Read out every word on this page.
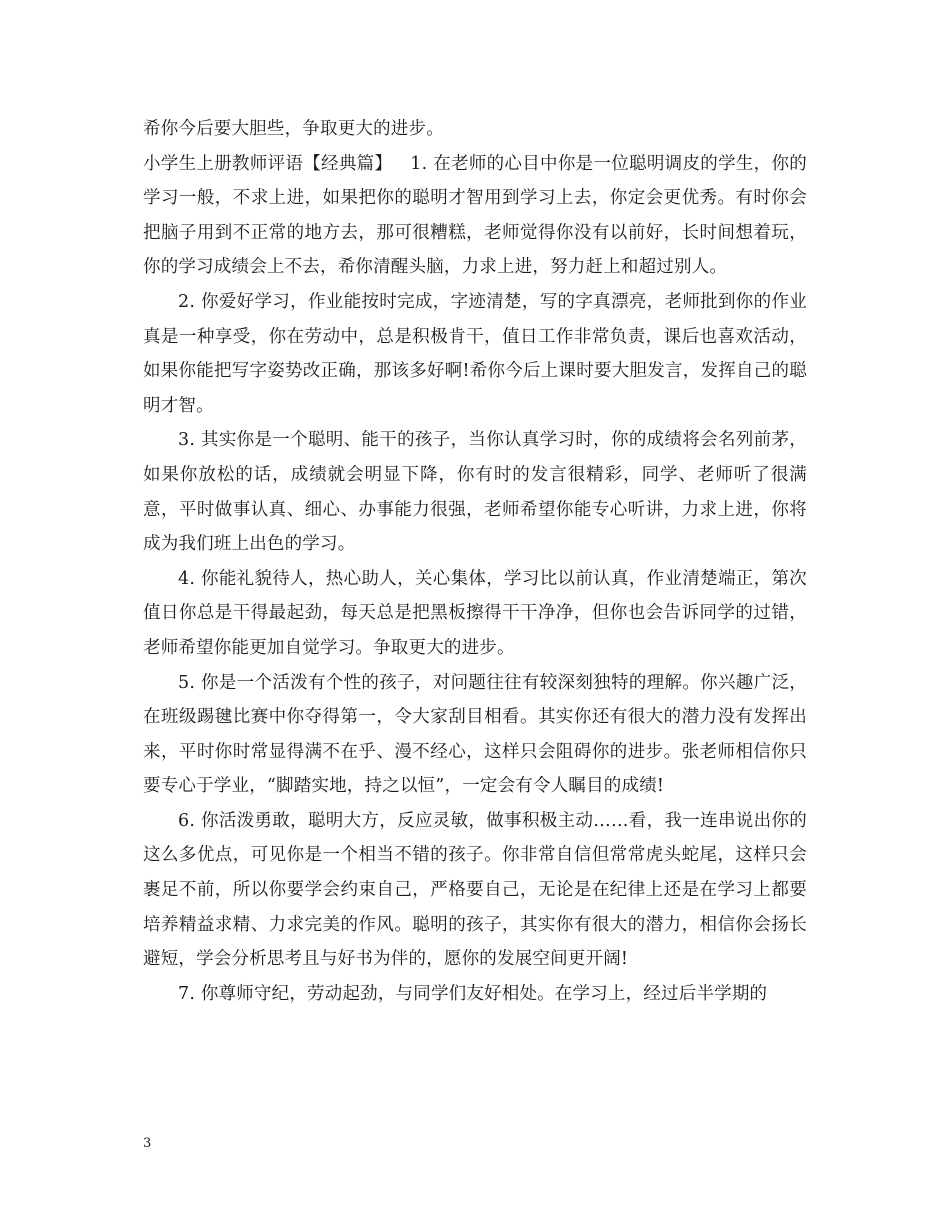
希你今后要大胆些，争取更大的进步。

小学生上册教师评语【经典篇】 1. 在老师的心目中你是一位聪明调皮的学生，你的学习一般，不求上进，如果把你的聪明才智用到学习上去，你定会更优秀。有时你会把脑子用到不正常的地方去，那可很糟糕，老师觉得你没有以前好，长时间想着玩，你的学习成绩会上不去，希你清醒头脑，力求上进，努力赶上和超过别人。

2. 你爱好学习，作业能按时完成，字迹清楚，写的字真漂亮，老师批到你的作业真是一种享受，你在劳动中，总是积极肯干，值日工作非常负责，课后也喜欢活动，如果你能把写字姿势改正确，那该多好啊!希你今后上课时要大胆发言，发挥自己的聪明才智。

3. 其实你是一个聪明、能干的孩子，当你认真学习时，你的成绩将会名列前茅，如果你放松的话，成绩就会明显下降，你有时的发言很精彩，同学、老师听了很满意，平时做事认真、细心、办事能力很强，老师希望你能专心听讲，力求上进，你将成为我们班上出色的学习。

4. 你能礼貌待人，热心助人，关心集体，学习比以前认真，作业清楚端正，第次值日你总是干得最起劲，每天总是把黑板擦得干干净净，但你也会告诉同学的过错，老师希望你能更加自觉学习。争取更大的进步。

5. 你是一个活泼有个性的孩子，对问题往往有较深刻独特的理解。你兴趣广泛，在班级踢毽比赛中你夺得第一，令大家刮目相看。其实你还有很大的潜力没有发挥出来，平时你时常显得满不在乎、漫不经心，这样只会阻碍你的进步。张老师相信你只要专心于学业，“脚踏实地，持之以恒”，一定会有令人瞩目的成绩!

6. 你活泼勇敢，聪明大方，反应灵敏，做事积极主动……看，我一连串说出你的这么多优点，可见你是一个相当不错的孩子。你非常自信但常常虎头蛇尾，这样只会裹足不前，所以你要学会约束自己，严格要自己，无论是在纪律上还是在学习上都要培养精益求精、力求完美的作风。聪明的孩子，其实你有很大的潜力，相信你会扬长避短，学会分析思考且与好书为伴的，愿你的发展空间更开阔!

7. 你尊师守纪，劳动起劲，与同学们友好相处。在学习上，经过后半学期的

3
